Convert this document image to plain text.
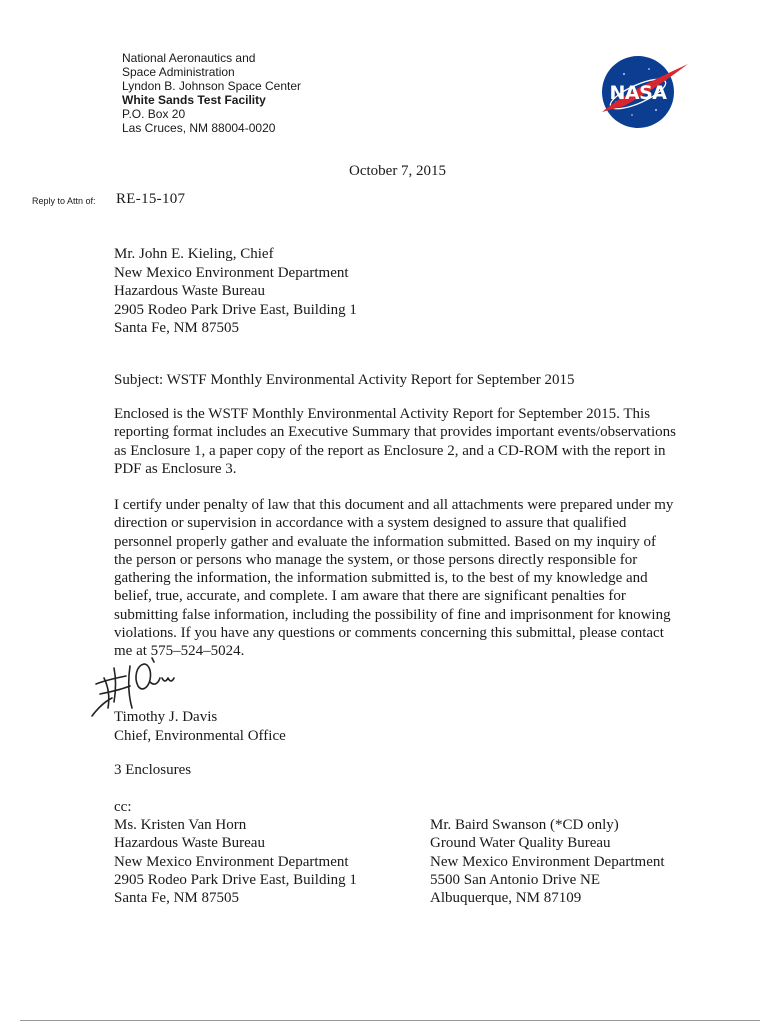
National Aeronautics and
Space Administration
Lyndon B. Johnson Space Center
White Sands Test Facility
P.O. Box 20
Las Cruces, NM 88004-0020
NASA
October 7, 2015
Reply to Attn of: RE-15-107
Mr. John E. Kieling, Chief
New Mexico Environment Department
Hazardous Waste Bureau
2905 Rodeo Park Drive East, Building 1
Santa Fe, NM 87505
Subject: WSTF Monthly Environmental Activity Report for September 2015
Enclosed is the WSTF Monthly Environmental Activity Report for September 2015. This
reporting format includes an Executive Summary that provides important events/observations
as Enclosure 1, a paper copy of the report as Enclosure 2, and a CD-ROM with the report in
PDF as Enclosure 3.
I certify under penalty of law that this document and all attachments were prepared under my
direction or supervision in accordance with a system designed to assure that qualified
personnel properly gather and evaluate the information submitted. Based on my inquiry of
the person or persons who manage the system, or those persons directly responsible for
gathering the information, the information submitted is, to the best of my knowledge and
belief, true, accurate, and complete. I am aware that there are significant penalties for
submitting false information, including the possibility of fine and imprisonment for knowing
violations. If you have any questions or comments concerning this submittal, please contact
me at 575–524–5024.
Timothy J. Davis
Chief, Environmental Office
3 Enclosures
cc:
Ms. Kristen Van Horn
Hazardous Waste Bureau
New Mexico Environment Department
2905 Rodeo Park Drive East, Building 1
Santa Fe, NM 87505
Mr. Baird Swanson (*CD only)
Ground Water Quality Bureau
New Mexico Environment Department
5500 San Antonio Drive NE
Albuquerque, NM 87109
